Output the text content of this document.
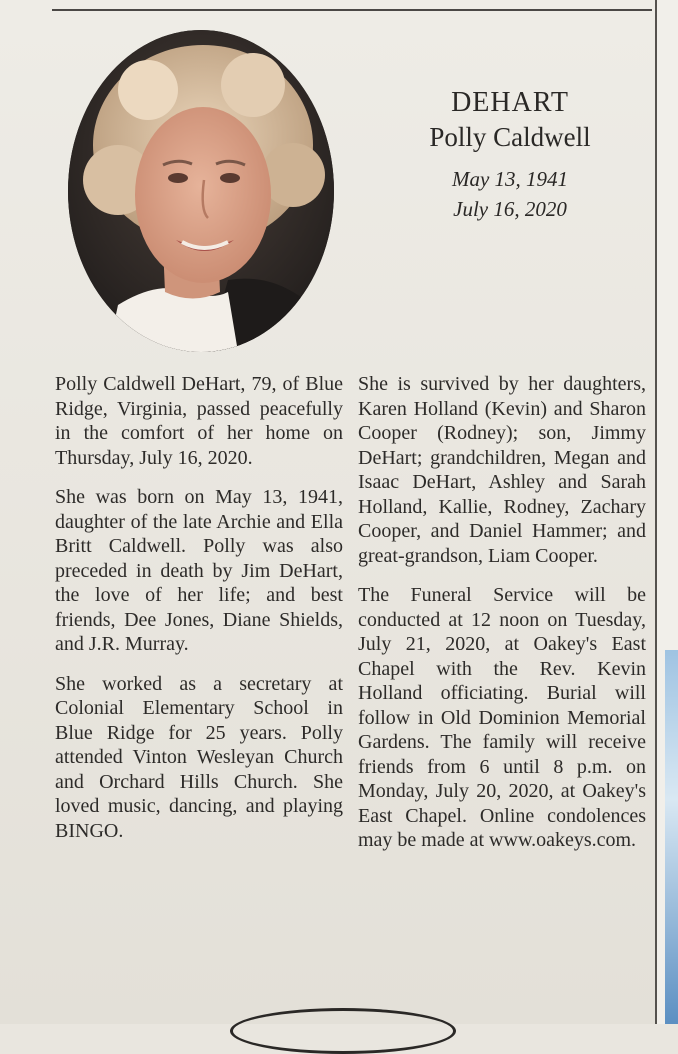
DEHART
Polly Caldwell
May 13, 1941
July 16, 2020

Polly Caldwell DeHart, 79, of Blue Ridge, Virginia, passed peacefully in the comfort of her home on Thursday, July 16, 2020.

She was born on May 13, 1941, daughter of the late Archie and Ella Britt Caldwell. Polly was also preceded in death by Jim DeHart, the love of her life; and best friends, Dee Jones, Diane Shields, and J.R. Murray.

She worked as a secretary at Colonial Elementary School in Blue Ridge for 25 years. Polly attended Vinton Wesleyan Church and Orchard Hills Church. She loved music, dancing, and playing BINGO.

She is survived by her daughters, Karen Holland (Kevin) and Sharon Cooper (Rodney); son, Jimmy DeHart; grandchildren, Megan and Isaac DeHart, Ashley and Sarah Holland, Kallie, Rodney, Zachary Cooper, and Daniel Hammer; and great-grandson, Liam Cooper.

The Funeral Service will be conducted at 12 noon on Tuesday, July 21, 2020, at Oakey's East Chapel with the Rev. Kevin Holland officiating. Burial will follow in Old Dominion Memorial Gardens. The family will receive friends from 6 until 8 p.m. on Monday, July 20, 2020, at Oakey's East Chapel. Online condolences may be made at www.oakeys.com.
